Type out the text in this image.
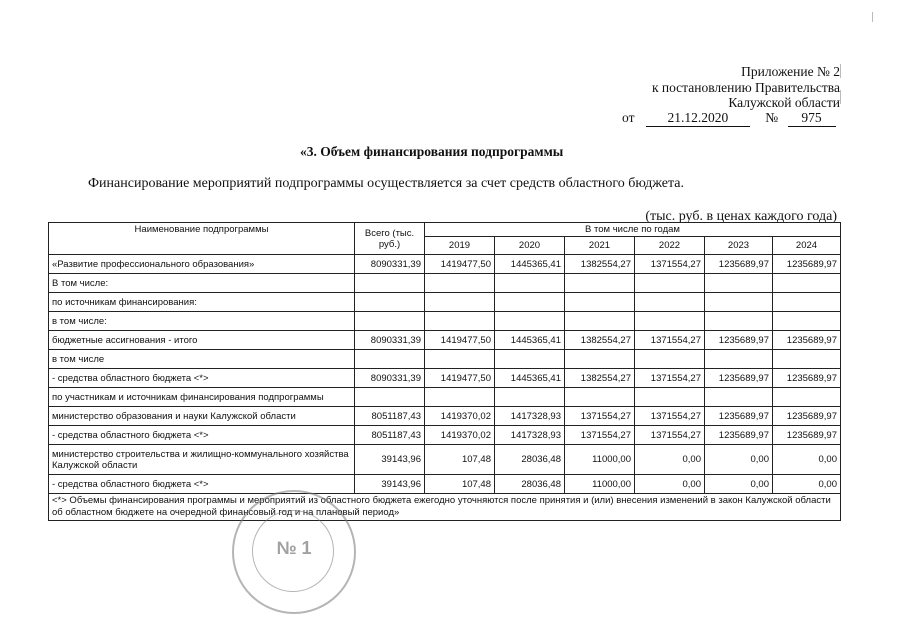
Приложение № 2
к постановлению Правительства
Калужской области
от 21.12.2020	№ 975
«3. Объем финансирования подпрограммы
Финансирование мероприятий подпрограммы осуществляется за счет средств областного бюджета.
(тыс. руб. в ценах каждого года)
Наименование подпрограммы	Всего (тыс. руб.)	В том числе по годам					
		2019	2020	2021	2022	2023	2024
«Развитие профессионального образования»	8090331,39	1419477,50	1445365,41	1382554,27	1371554,27	1235689,97	1235689,97
В том числе:							
по источникам финансирования:							
в том числе:							
бюджетные ассигнования - итого	8090331,39	1419477,50	1445365,41	1382554,27	1371554,27	1235689,97	1235689,97
в том числе							
- средства областного бюджета <*>	8090331,39	1419477,50	1445365,41	1382554,27	1371554,27	1235689,97	1235689,97
по участникам и источникам финансирования подпрограммы							
министерство образования и науки Калужской области	8051187,43	1419370,02	1417328,93	1371554,27	1371554,27	1235689,97	1235689,97
- средства областного бюджета <*>	8051187,43	1419370,02	1417328,93	1371554,27	1371554,27	1235689,97	1235689,97
министерство строительства и жилищно-коммунального хозяйства Калужской области	39143,96	107,48	28036,48	11000,00	0,00	0,00	0,00
- средства областного бюджета <*>	39143,96	107,48	28036,48	11000,00	0,00	0,00	0,00
<*> Объемы финансирования программы и мероприятий из областного бюджета ежегодно уточняются после принятия и (или) внесения изменений в закон Калужской области об областном бюджете на очередной финансовый год и на плановый период»							
№ 1
